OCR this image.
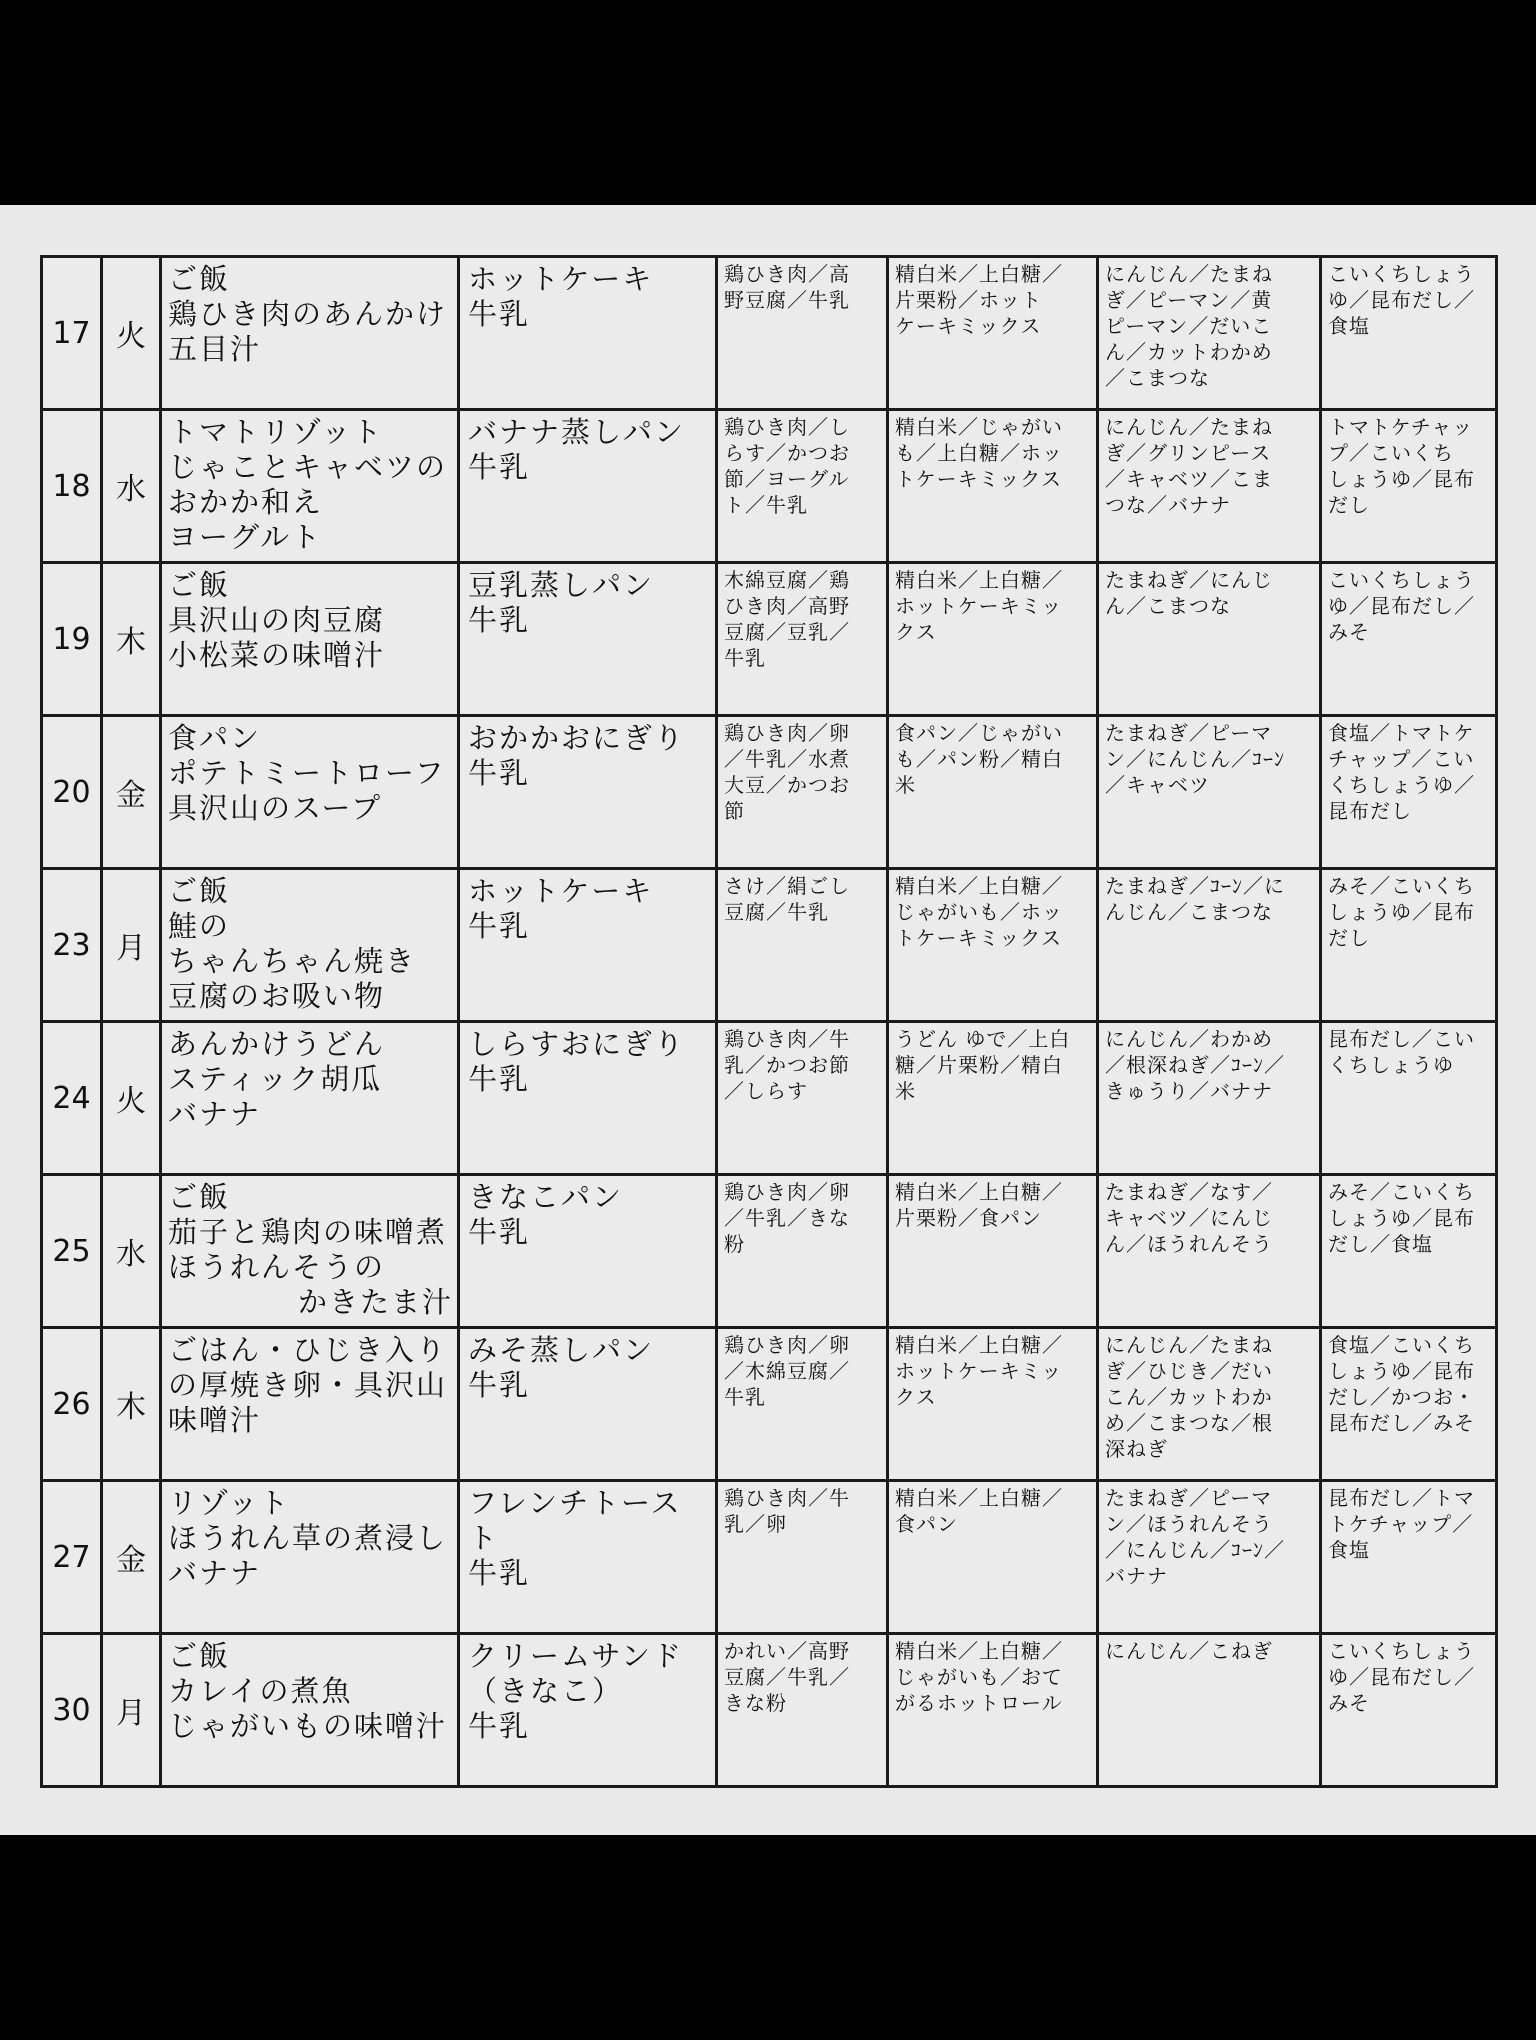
17	火	ご飯
鶏ひき肉のあんかけ
五目汁	ホットケーキ
牛乳	鶏ひき肉／高
野豆腐／牛乳	精白米／上白糖／
片栗粉／ホット
ケーキミックス	にんじん／たまね
ぎ／ピーマン／黄
ピーマン／だいこ
ん／カットわかめ
／こまつな	こいくちしょう
ゆ／昆布だし／
食塩

18	水	トマトリゾット
じゃことキャベツの
おかか和え
ヨーグルト	バナナ蒸しパン
牛乳	鶏ひき肉／し
らす／かつお
節／ヨーグル
ト／牛乳	精白米／じゃがい
も／上白糖／ホッ
トケーキミックス	にんじん／たまね
ぎ／グリンピース
／キャベツ／こま
つな／バナナ	トマトケチャッ
プ／こいくち
しょうゆ／昆布
だし

19	木	ご飯
具沢山の肉豆腐
小松菜の味噌汁	豆乳蒸しパン
牛乳	木綿豆腐／鶏
ひき肉／高野
豆腐／豆乳／
牛乳	精白米／上白糖／
ホットケーキミッ
クス	たまねぎ／にんじ
ん／こまつな	こいくちしょう
ゆ／昆布だし／
みそ

20	金	食パン
ポテトミートローフ
具沢山のスープ	おかかおにぎり
牛乳	鶏ひき肉／卵
／牛乳／水煮
大豆／かつお
節	食パン／じゃがい
も／パン粉／精白
米	たまねぎ／ピーマ
ン／にんじん／ｺｰﾝ
／キャベツ	食塩／トマトケ
チャップ／こい
くちしょうゆ／
昆布だし

23	月	ご飯
鮭の
ちゃんちゃん焼き
豆腐のお吸い物	ホットケーキ
牛乳	さけ／絹ごし
豆腐／牛乳	精白米／上白糖／
じゃがいも／ホッ
トケーキミックス	たまねぎ／ｺｰﾝ／に
んじん／こまつな	みそ／こいくち
しょうゆ／昆布
だし

24	火	あんかけうどん
スティック胡瓜
バナナ	しらすおにぎり
牛乳	鶏ひき肉／牛
乳／かつお節
／しらす	うどん ゆで／上白
糖／片栗粉／精白
米	にんじん／わかめ
／根深ねぎ／ｺｰﾝ／
きゅうり／バナナ	昆布だし／こい
くちしょうゆ

25	水	ご飯
茄子と鶏肉の味噌煮
ほうれんそうの
かきたま汁	きなこパン
牛乳	鶏ひき肉／卵
／牛乳／きな
粉	精白米／上白糖／
片栗粉／食パン	たまねぎ／なす／
キャベツ／にんじ
ん／ほうれんそう	みそ／こいくち
しょうゆ／昆布
だし／食塩

26	木	ごはん・ひじき入り
の厚焼き卵・具沢山
味噌汁	みそ蒸しパン
牛乳	鶏ひき肉／卵
／木綿豆腐／
牛乳	精白米／上白糖／
ホットケーキミッ
クス	にんじん／たまね
ぎ／ひじき／だい
こん／カットわか
め／こまつな／根
深ねぎ	食塩／こいくち
しょうゆ／昆布
だし／かつお・
昆布だし／みそ

27	金	リゾット
ほうれん草の煮浸し
バナナ	フレンチトース
ト
牛乳	鶏ひき肉／牛
乳／卵	精白米／上白糖／
食パン	たまねぎ／ピーマ
ン／ほうれんそう
／にんじん／ｺｰﾝ／
バナナ	昆布だし／トマ
トケチャップ／
食塩

30	月	ご飯
カレイの煮魚
じゃがいもの味噌汁	クリームサンド
（きなこ）
牛乳	かれい／高野
豆腐／牛乳／
きな粉	精白米／上白糖／
じゃがいも／おて
がるホットロール	にんじん／こねぎ	こいくちしょう
ゆ／昆布だし／
みそ
